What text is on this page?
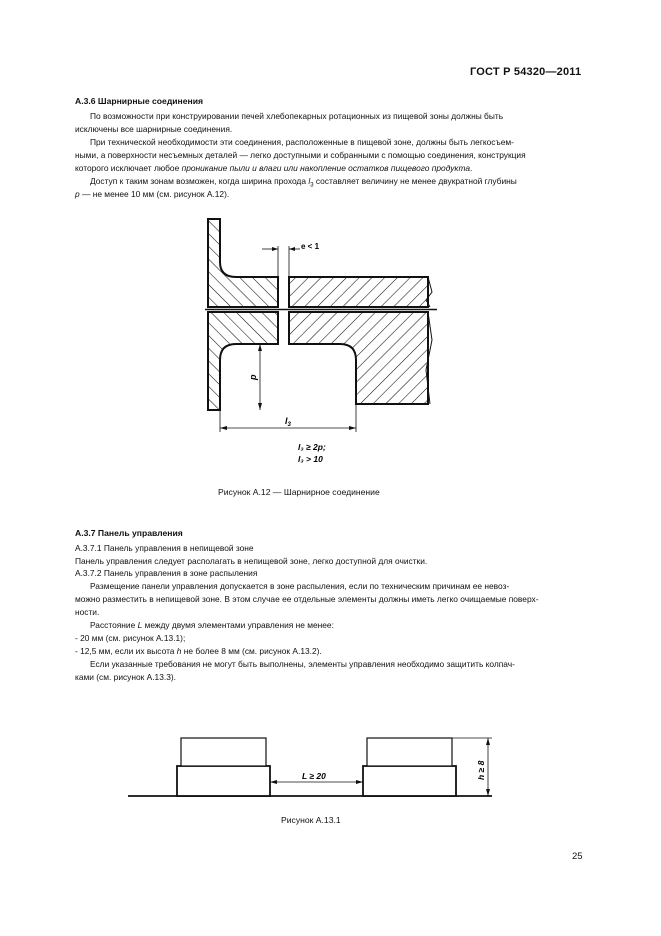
ГОСТ Р 54320—2011
А.3.6 Шарнирные соединения
По возможности при конструировании печей хлебопекарных ротационных из пищевой зоны должны быть
исключены все шарнирные соединения.
При технической необходимости эти соединения, расположенные в пищевой зоне, должны быть легкосъем-
ными, а поверхности несъемных деталей — легко доступными и собранными с помощью соединения, конструкция
которого исключает любое проникание пыли и влаги или накопление остатков пищевого продукта.
Доступ к таким зонам возможен, когда ширина прохода $l_3$ составляет величину не менее двукратной глубины
p — не менее 10 мм (см. рисунок А.12).
e < 1
p
$l_3$
l₃ ≥ 2p;
l₃ > 10
Рисунок А.12 — Шарнирное соединение
А.3.7 Панель управления
А.3.7.1 Панель управления в непищевой зоне
Панель управления следует располагать в непищевой зоне, легко доступной для очистки.
А.3.7.2 Панель управления в зоне распыления
Размещение панели управления допускается в зоне распыления, если по техническим причинам ее невоз-
можно разместить в непищевой зоне. В этом случае ее отдельные элементы должны иметь легко очищаемые поверх-
ности.
Расстояние L между двумя элементами управления не менее:
- 20 мм (см. рисунок А.13.1);
- 12,5 мм, если их высота h не более 8 мм (см. рисунок А.13.2).
Если указанные требования не могут быть выполнены, элементы управления необходимо защитить колпач-
ками (см. рисунок А.13.3).
L ≥ 20	h ≥ 8
Рисунок А.13.1
25
